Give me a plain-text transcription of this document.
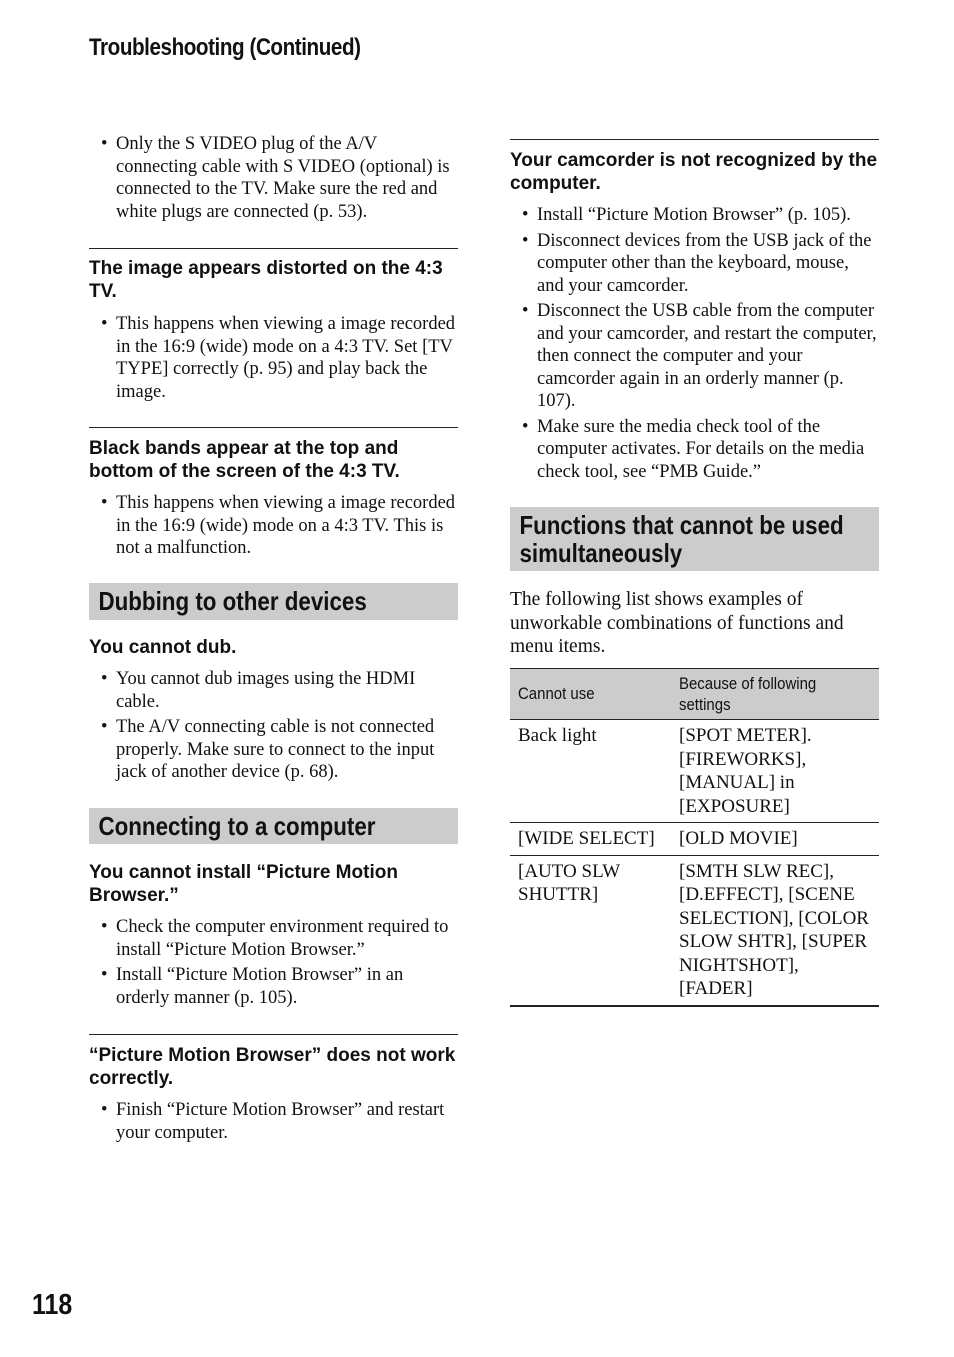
Troubleshooting (Continued)
• Only the S VIDEO plug of the A/V connecting cable with S VIDEO (optional) is connected to the TV. Make sure the red and white plugs are connected (p. 53).
The image appears distorted on the 4:3 TV.
• This happens when viewing a image recorded in the 16:9 (wide) mode on a 4:3 TV. Set [TV TYPE] correctly (p. 95) and play back the image.
Black bands appear at the top and bottom of the screen of the 4:3 TV.
• This happens when viewing a image recorded in the 16:9 (wide) mode on a 4:3 TV. This is not a malfunction.
Dubbing to other devices
You cannot dub.
• You cannot dub images using the HDMI cable.
• The A/V connecting cable is not connected properly. Make sure to connect to the input jack of another device (p. 68).
Connecting to a computer
You cannot install “Picture Motion Browser.”
• Check the computer environment required to install “Picture Motion Browser.”
• Install “Picture Motion Browser” in an orderly manner (p. 105).
“Picture Motion Browser” does not work correctly.
• Finish “Picture Motion Browser” and restart your computer.
Your camcorder is not recognized by the computer.
• Install “Picture Motion Browser” (p. 105).
• Disconnect devices from the USB jack of the computer other than the keyboard, mouse, and your camcorder.
• Disconnect the USB cable from the computer and your camcorder, and restart the computer, then connect the computer and your camcorder again in an orderly manner (p. 107).
• Make sure the media check tool of the computer activates. For details on the media check tool, see “PMB Guide.”
Functions that cannot be used
simultaneously
The following list shows examples of unworkable combinations of functions and menu items.
Cannot use	Because of following settings
Back light	[SPOT METER]. [FIREWORKS], [MANUAL] in [EXPOSURE]
[WIDE SELECT]	[OLD MOVIE]
[AUTO SLW SHUTTR]	[SMTH SLW REC], [D.EFFECT], [SCENE SELECTION], [COLOR SLOW SHTR], [SUPER NIGHTSHOT], [FADER]
118
